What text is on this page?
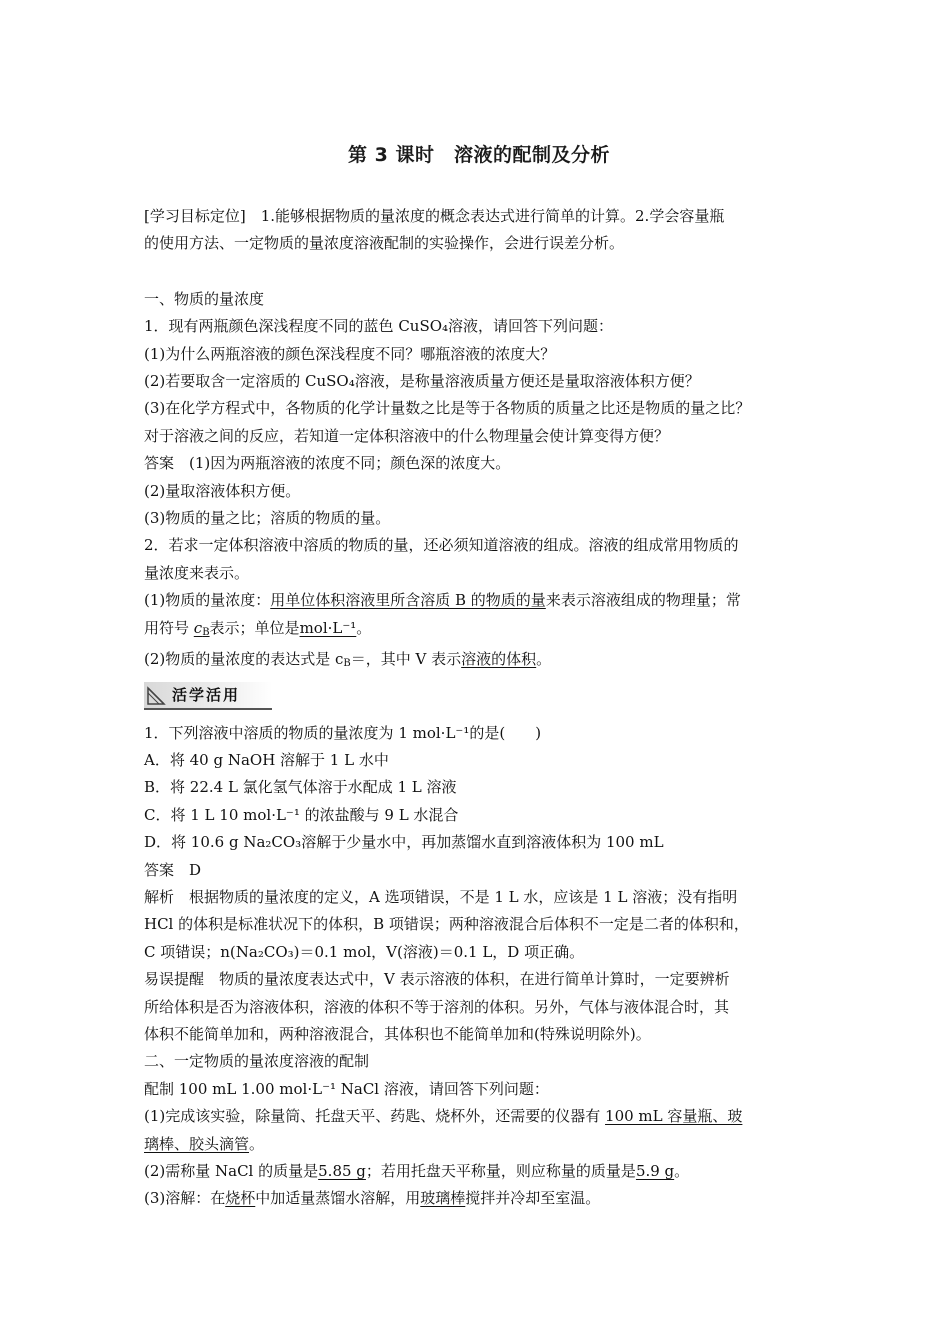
第 3 课时　溶液的配制及分析
[学习目标定位]　1.能够根据物质的量浓度的概念表达式进行简单的计算。2.学会容量瓶
的使用方法、一定物质的量浓度溶液配制的实验操作，会进行误差分析。
一、物质的量浓度
1．现有两瓶颜色深浅程度不同的蓝色 CuSO₄溶液，请回答下列问题：
(1)为什么两瓶溶液的颜色深浅程度不同？哪瓶溶液的浓度大？
(2)若要取含一定溶质的 CuSO₄溶液，是称量溶液质量方便还是量取溶液体积方便？
(3)在化学方程式中，各物质的化学计量数之比是等于各物质的质量之比还是物质的量之比？
对于溶液之间的反应，若知道一定体积溶液中的什么物理量会使计算变得方便？
答案　(1)因为两瓶溶液的浓度不同；颜色深的浓度大。
(2)量取溶液体积方便。
(3)物质的量之比；溶质的物质的量。
2．若求一定体积溶液中溶质的物质的量，还必须知道溶液的组成。溶液的组成常用物质的
量浓度来表示。
(1)物质的量浓度：用单位体积溶液里所含溶质 B 的物质的量来表示溶液组成的物理量；常
用符号 $c_B$表示；单位是mol·L⁻¹。
(2)物质的量浓度的表达式是 $c_B=$，其中 V 表示溶液的体积。
活学活用
1．下列溶液中溶质的物质的量浓度为 1 mol·L⁻¹的是(　　)
A．将 40 g NaOH 溶解于 1 L 水中
B．将 22.4 L 氯化氢气体溶于水配成 1 L 溶液
C．将 1 L 10 mol·L⁻¹ 的浓盐酸与 9 L 水混合
D．将 10.6 g Na₂CO₃溶解于少量水中，再加蒸馏水直到溶液体积为 100 mL
答案　D
解析　根据物质的量浓度的定义，A 选项错误，不是 1 L 水，应该是 1 L 溶液；没有指明
HCl 的体积是标准状况下的体积，B 项错误；两种溶液混合后体积不一定是二者的体积和，
C 项错误；n(Na₂CO₃)＝0.1 mol，V(溶液)＝0.1 L，D 项正确。
易误提醒　物质的量浓度表达式中，V 表示溶液的体积，在进行简单计算时，一定要辨析
所给体积是否为溶液体积，溶液的体积不等于溶剂的体积。另外，气体与液体混合时，其
体积不能简单加和，两种溶液混合，其体积也不能简单加和(特殊说明除外)。
二、一定物质的量浓度溶液的配制
配制 100 mL 1.00 mol·L⁻¹ NaCl 溶液，请回答下列问题：
(1)完成该实验，除量筒、托盘天平、药匙、烧杯外，还需要的仪器有 100 mL 容量瓶、玻
璃棒、胶头滴管。
(2)需称量 NaCl 的质量是5.85 g；若用托盘天平称量，则应称量的质量是5.9 g。
(3)溶解：在烧杯中加适量蒸馏水溶解，用玻璃棒搅拌并冷却至室温。
